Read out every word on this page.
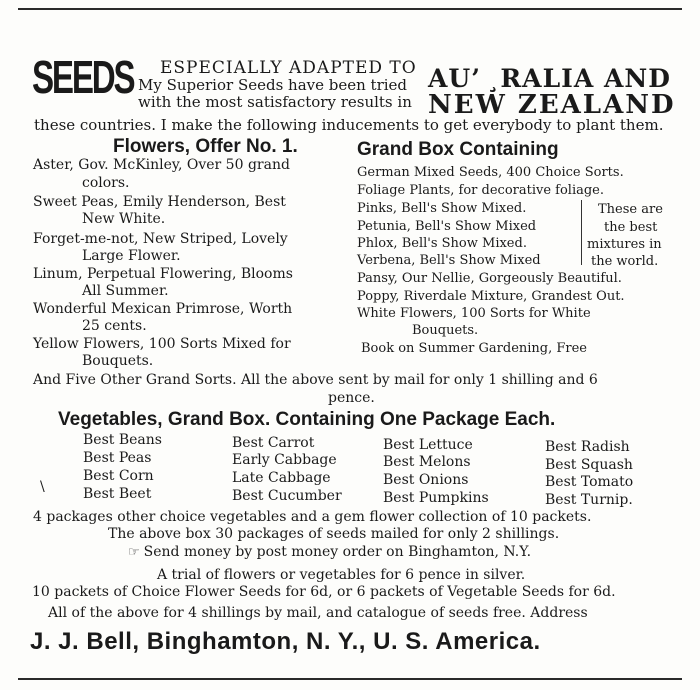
SEEDS ESPECIALLY ADAPTED TO
My Superior Seeds have been tried
with the most satisfactory results in
AU’ ¸RALIA AND
NEW ZEALAND
these countries. I make the following inducements to get everybody to plant them.
Flowers, Offer No. 1.	Grand Box Containing
Aster, Gov. McKinley, Over 50 grand
colors.
Sweet Peas, Emily Henderson, Best
New White.
Forget-me-not, New Striped, Lovely
Large Flower.
Linum, Perpetual Flowering, Blooms
All Summer.
Wonderful Mexican Primrose, Worth
25 cents.
Yellow Flowers, 100 Sorts Mixed for
Bouquets.
German Mixed Seeds, 400 Choice Sorts.
Foliage Plants, for decorative foliage.
Pinks, Bell's Show Mixed.
Petunia, Bell's Show Mixed
Phlox, Bell's Show Mixed.
Verbena, Bell's Show Mixed
These are
the best
mixtures in
the world.
Pansy, Our Nellie, Gorgeously Beautiful.
Poppy, Riverdale Mixture, Grandest Out.
White Flowers, 100 Sorts for White
Bouquets.
Book on Summer Gardening, Free
And Five Other Grand Sorts. All the above sent by mail for only 1 shilling and 6
pence.
Vegetables, Grand Box. Containing One Package Each.
Best Beans
Best Peas
Best Corn
Best Beet
\
Best Carrot
Early Cabbage
Late Cabbage
Best Cucumber
Best Lettuce
Best Melons
Best Onions
Best Pumpkins
Best Radish
Best Squash
Best Tomato
Best Turnip.
4 packages other choice vegetables and a gem flower collection of 10 packets.
The above box 30 packages of seeds mailed for only 2 shillings.
☞ Send money by post money order on Binghamton, N.Y.
A trial of flowers or vegetables for 6 pence in silver.
10 packets of Choice Flower Seeds for 6d, or 6 packets of Vegetable Seeds for 6d.
All of the above for 4 shillings by mail, and catalogue of seeds free. Address
J. J. Bell, Binghamton, N. Y., U. S. America.
